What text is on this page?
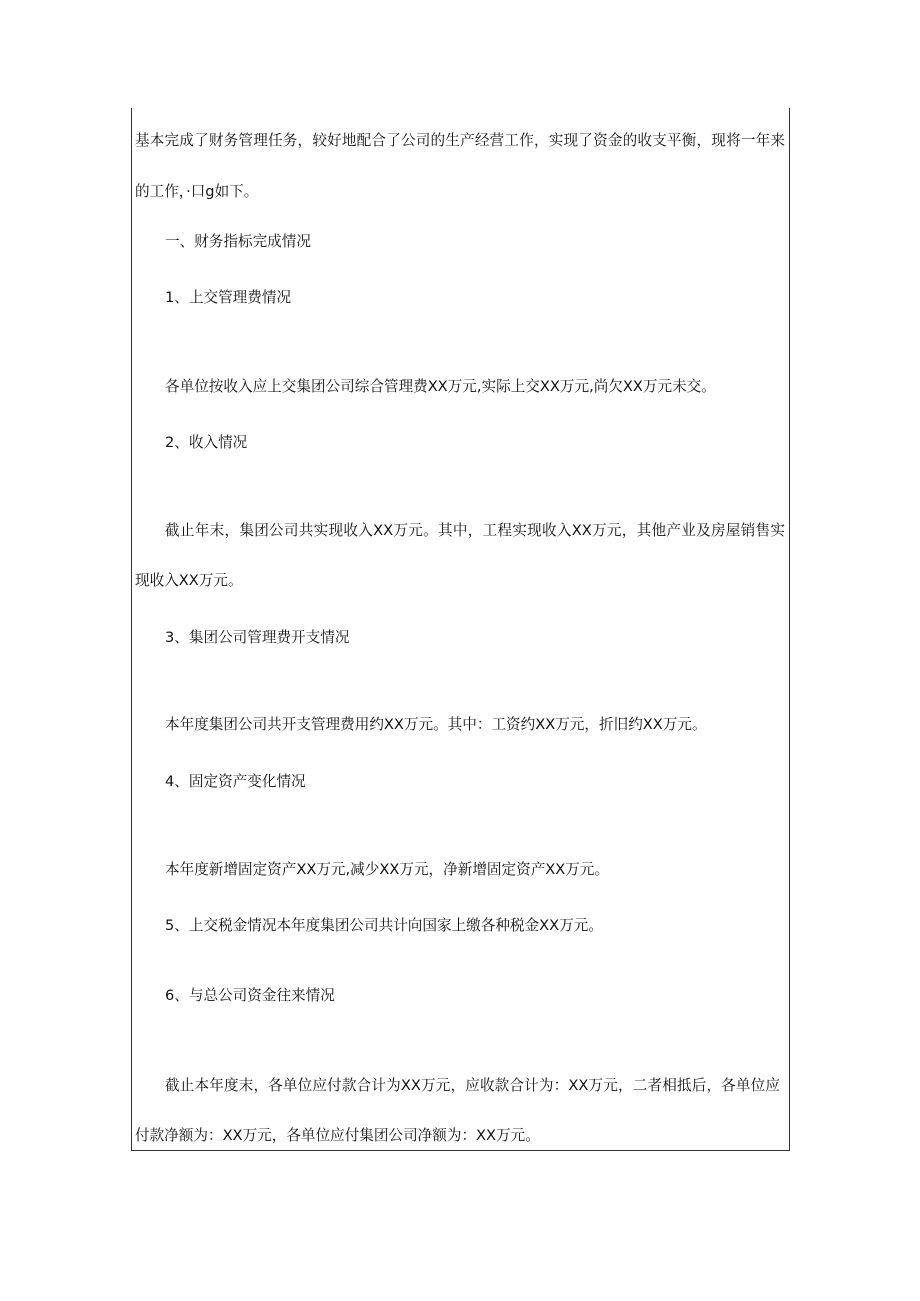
基本完成了财务管理任务，较好地配合了公司的生产经营工作，实现了资金的收支平衡，现将一年来
的工作，·口g如下。
一、财务指标完成情况
1、上交管理费情况
各单位按收入应上交集团公司综合管理费XX万元,实际上交XX万元,尚欠XX万元未交。
2、收入情况
截止年末，集团公司共实现收入XX万元。其中，工程实现收入XX万元，其他产业及房屋销售实
现收入XX万元。
3、集团公司管理费开支情况
本年度集团公司共开支管理费用约XX万元。其中：工资约XX万元，折旧约XX万元。
4、固定资产变化情况
本年度新增固定资产XX万元,减少XX万元，净新增固定资产XX万元。
5、上交税金情况本年度集团公司共计向国家上缴各种税金XX万元。
6、与总公司资金往来情况
截止本年度末，各单位应付款合计为XX万元，应收款合计为：XX万元，二者相抵后，各单位应
付款净额为：XX万元，各单位应付集团公司净额为：XX万元。
